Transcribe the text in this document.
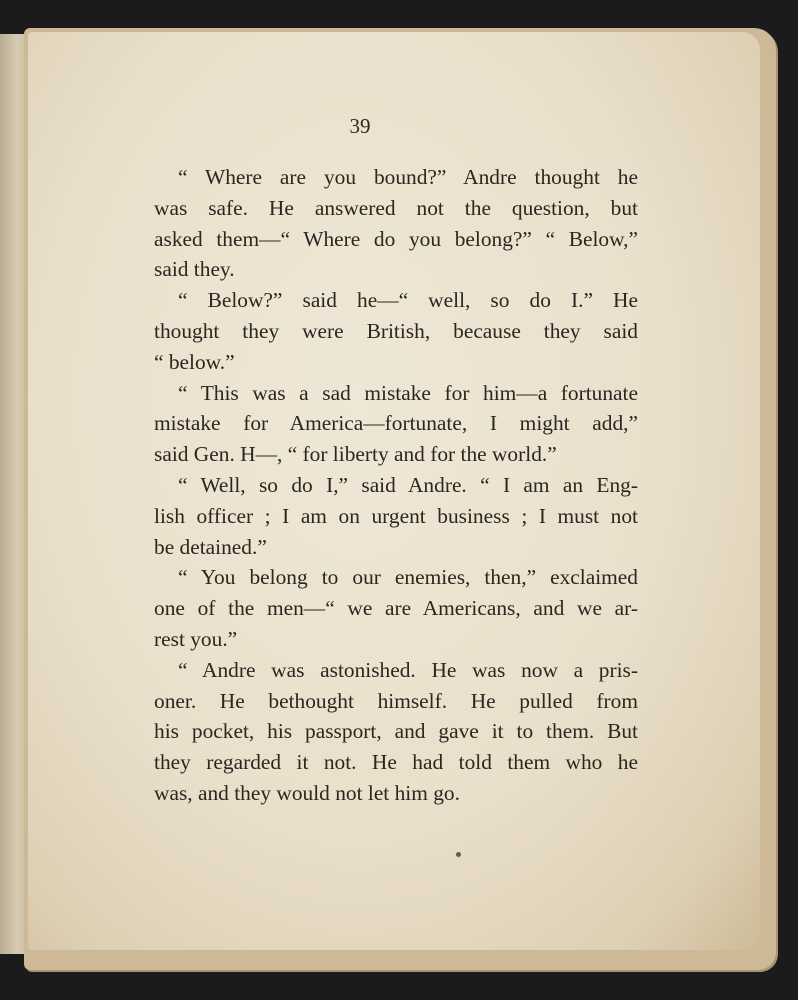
39

“ Where are you bound?” Andre thought he
was safe. He answered not the question, but
asked them—“ Where do you belong?” “ Below,”
said they.

“ Below?” said he—“ well, so do I.” He
thought they were British, because they said
“ below.”

“ This was a sad mistake for him—a fortunate
mistake for America—fortunate, I might add,”
said Gen. H—, “ for liberty and for the world.”

“ Well, so do I,” said Andre. “ I am an Eng-
lish officer ; I am on urgent business ; I must not
be detained.”

“ You belong to our enemies, then,” exclaimed
one of the men—“ we are Americans, and we ar-
rest you.”

“ Andre was astonished. He was now a pris-
oner. He bethought himself. He pulled from
his pocket, his passport, and gave it to them. But
they regarded it not. He had told them who he
was, and they would not let him go.
